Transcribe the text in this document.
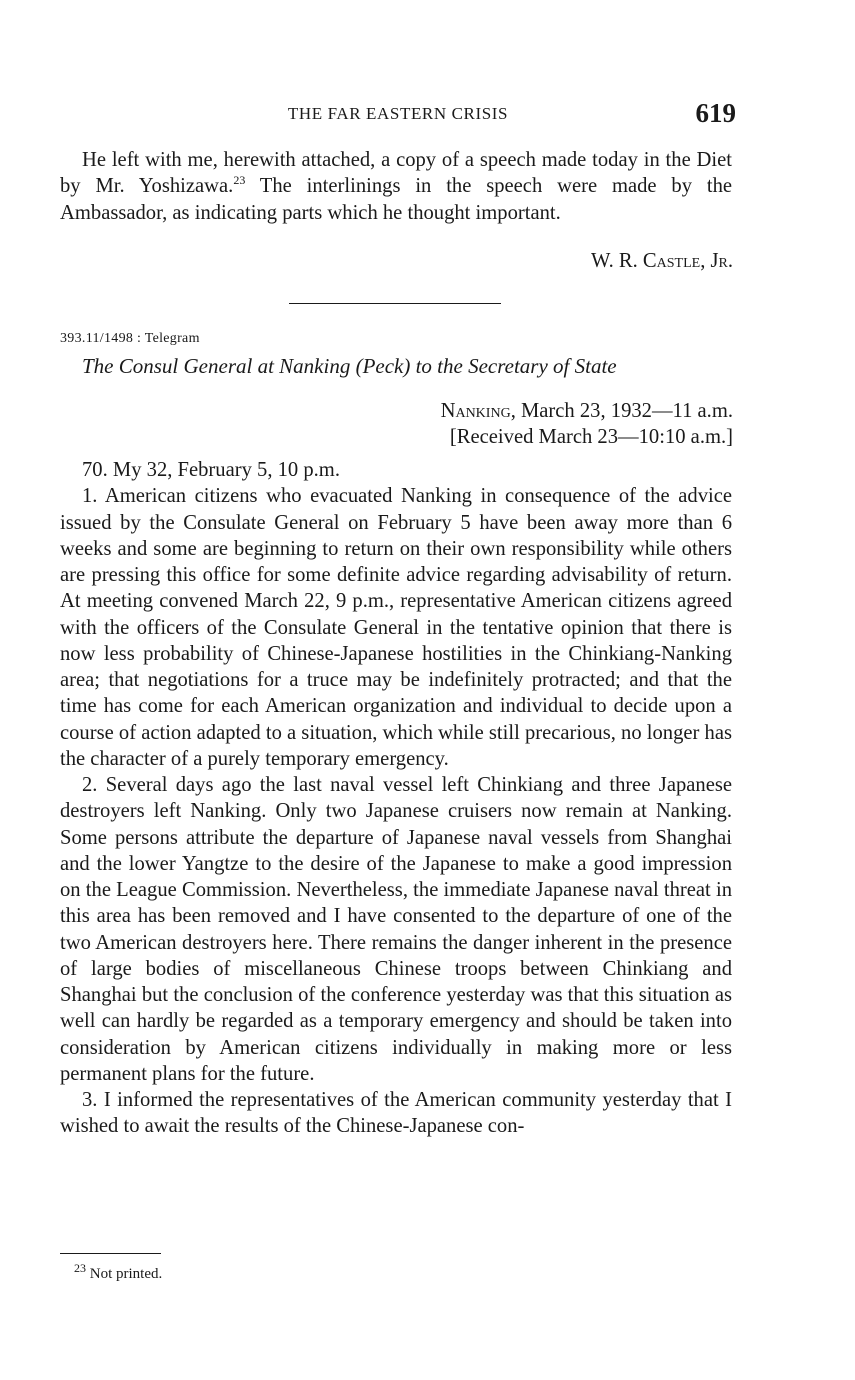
THE FAR EASTERN CRISIS	619
He left with me, herewith attached, a copy of a speech made today in the Diet by Mr. Yoshizawa.$^{23}$ The interlinings in the speech were made by the Ambassador, as indicating parts which he thought important.
W. R. Castle, Jr.
393.11/1498 : Telegram
The Consul General at Nanking (Peck) to the Secretary of State
Nanking, March 23, 1932—11 a.m.
[Received March 23—10:10 a.m.]

70. My 32, February 5, 10 p.m.

1. American citizens who evacuated Nanking in consequence of the advice issued by the Consulate General on February 5 have been away more than 6 weeks and some are beginning to return on their own responsibility while others are pressing this office for some definite advice regarding advisability of return. At meeting convened March 22, 9 p.m., representative American citizens agreed with the officers of the Consulate General in the tentative opinion that there is now less probability of Chinese-Japanese hostilities in the Chinkiang-Nanking area; that negotiations for a truce may be indefinitely protracted; and that the time has come for each American organization and individual to decide upon a course of action adapted to a situation, which while still precarious, no longer has the character of a purely temporary emergency.

2. Several days ago the last naval vessel left Chinkiang and three Japanese destroyers left Nanking. Only two Japanese cruisers now remain at Nanking. Some persons attribute the departure of Japanese naval vessels from Shanghai and the lower Yangtze to the desire of the Japanese to make a good impression on the League Commission. Nevertheless, the immediate Japanese naval threat in this area has been removed and I have consented to the departure of one of the two American destroyers here. There remains the danger inherent in the presence of large bodies of miscellaneous Chinese troops between Chinkiang and Shanghai but the conclusion of the conference yesterday was that this situation as well can hardly be regarded as a temporary emergency and should be taken into consideration by American citizens individually in making more or less permanent plans for the future.

3. I informed the representatives of the American community yesterday that I wished to await the results of the Chinese-Japanese con-

$^{23}$ Not printed.
